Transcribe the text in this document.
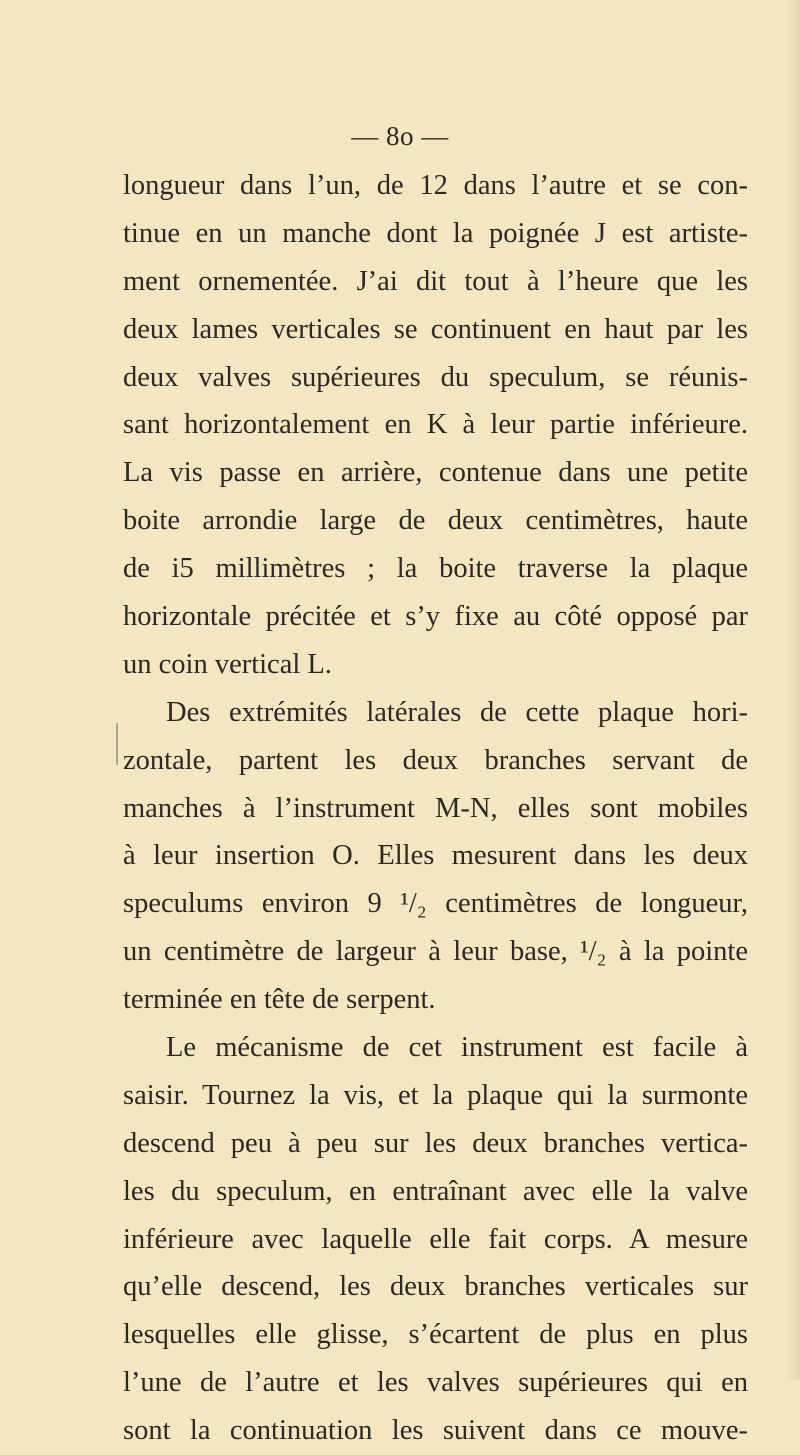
— 8o —
longueur dans l’un, de 12 dans l’autre et se con-
tinue en un manche dont la poignée J est artiste-
ment ornementée. J’ai dit tout à l’heure que les
deux lames verticales se continuent en haut par les
deux valves supérieures du speculum, se réunis-
sant horizontalement en K à leur partie inférieure.
La vis passe en arrière, contenue dans une petite
boite arrondie large de deux centimètres, haute
de i5 millimètres ; la boite traverse la plaque
horizontale précitée et s’y fixe au côté opposé par
un coin vertical L.
Des extrémités latérales de cette plaque hori-
zontale, partent les deux branches servant de
manches à l’instrument M-N, elles sont mobiles
à leur insertion O. Elles mesurent dans les deux
speculums environ 9 ¹/₂ centimètres de longueur,
un centimètre de largeur à leur base, ¹/₂ à la pointe
terminée en tête de serpent.
Le mécanisme de cet instrument est facile à
saisir. Tournez la vis, et la plaque qui la surmonte
descend peu à peu sur les deux branches vertica-
les du speculum, en entraînant avec elle la valve
inférieure avec laquelle elle fait corps. A mesure
qu’elle descend, les deux branches verticales sur
lesquelles elle glisse, s’écartent de plus en plus
l’une de l’autre et les valves supérieures qui en
sont la continuation les suivent dans ce mouve-
